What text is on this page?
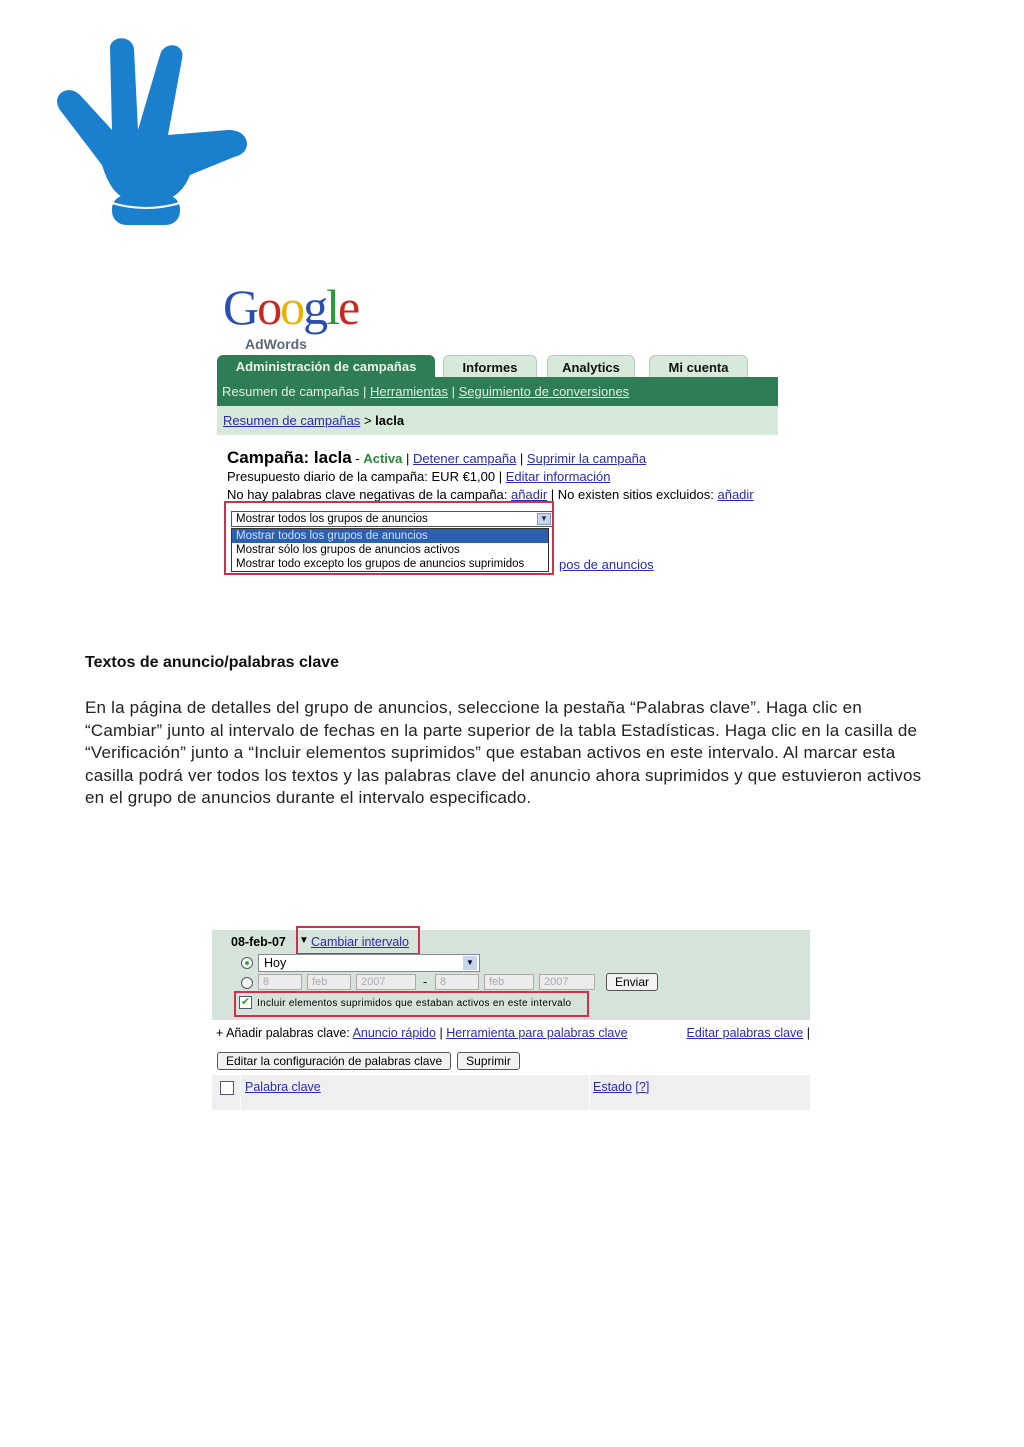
Google
AdWords
Administración de campañas	Informes	Analytics	Mi cuenta
Resumen de campañas | Herramientas | Seguimiento de conversiones
Resumen de campañas > lacla
Campaña: lacla - Activa | Detener campaña | Suprimir la campaña
Presupuesto diario de la campaña: EUR €1,00 | Editar información
No hay palabras clave negativas de la campaña: añadir | No existen sitios excluidos: añadir
pos de anuncios
Mostrar todos los grupos de anuncios	▼
Mostrar todos los grupos de anuncios
Mostrar sólo los grupos de anuncios activos
Mostrar todo excepto los grupos de anuncios suprimidos
Textos de anuncio/palabras clave
En la página de detalles del grupo de anuncios, seleccione la pestaña “Palabras clave”. Haga clic en “Cambiar” junto al intervalo de fechas en la parte superior de la tabla Estadísticas. Haga clic en la casilla de “Verificación” junto a “Incluir elementos suprimidos” que estaban activos en este intervalo. Al marcar esta casilla podrá ver todos los textos y las palabras clave del anuncio ahora suprimidos y que estuvieron activos en el grupo de anuncios durante el intervalo especificado.
08-feb-07 ▼ Cambiar intervalo
Hoy	▼
8	feb	2007	-	8	feb	2007	Enviar
✔ Incluir elementos suprimidos que estaban activos en este intervalo
+ Añadir palabras clave: Anuncio rápido | Herramienta para palabras clave	Editar palabras clave |
Editar la configuración de palabras clave	Suprimir
Palabra clave	Estado [?]
